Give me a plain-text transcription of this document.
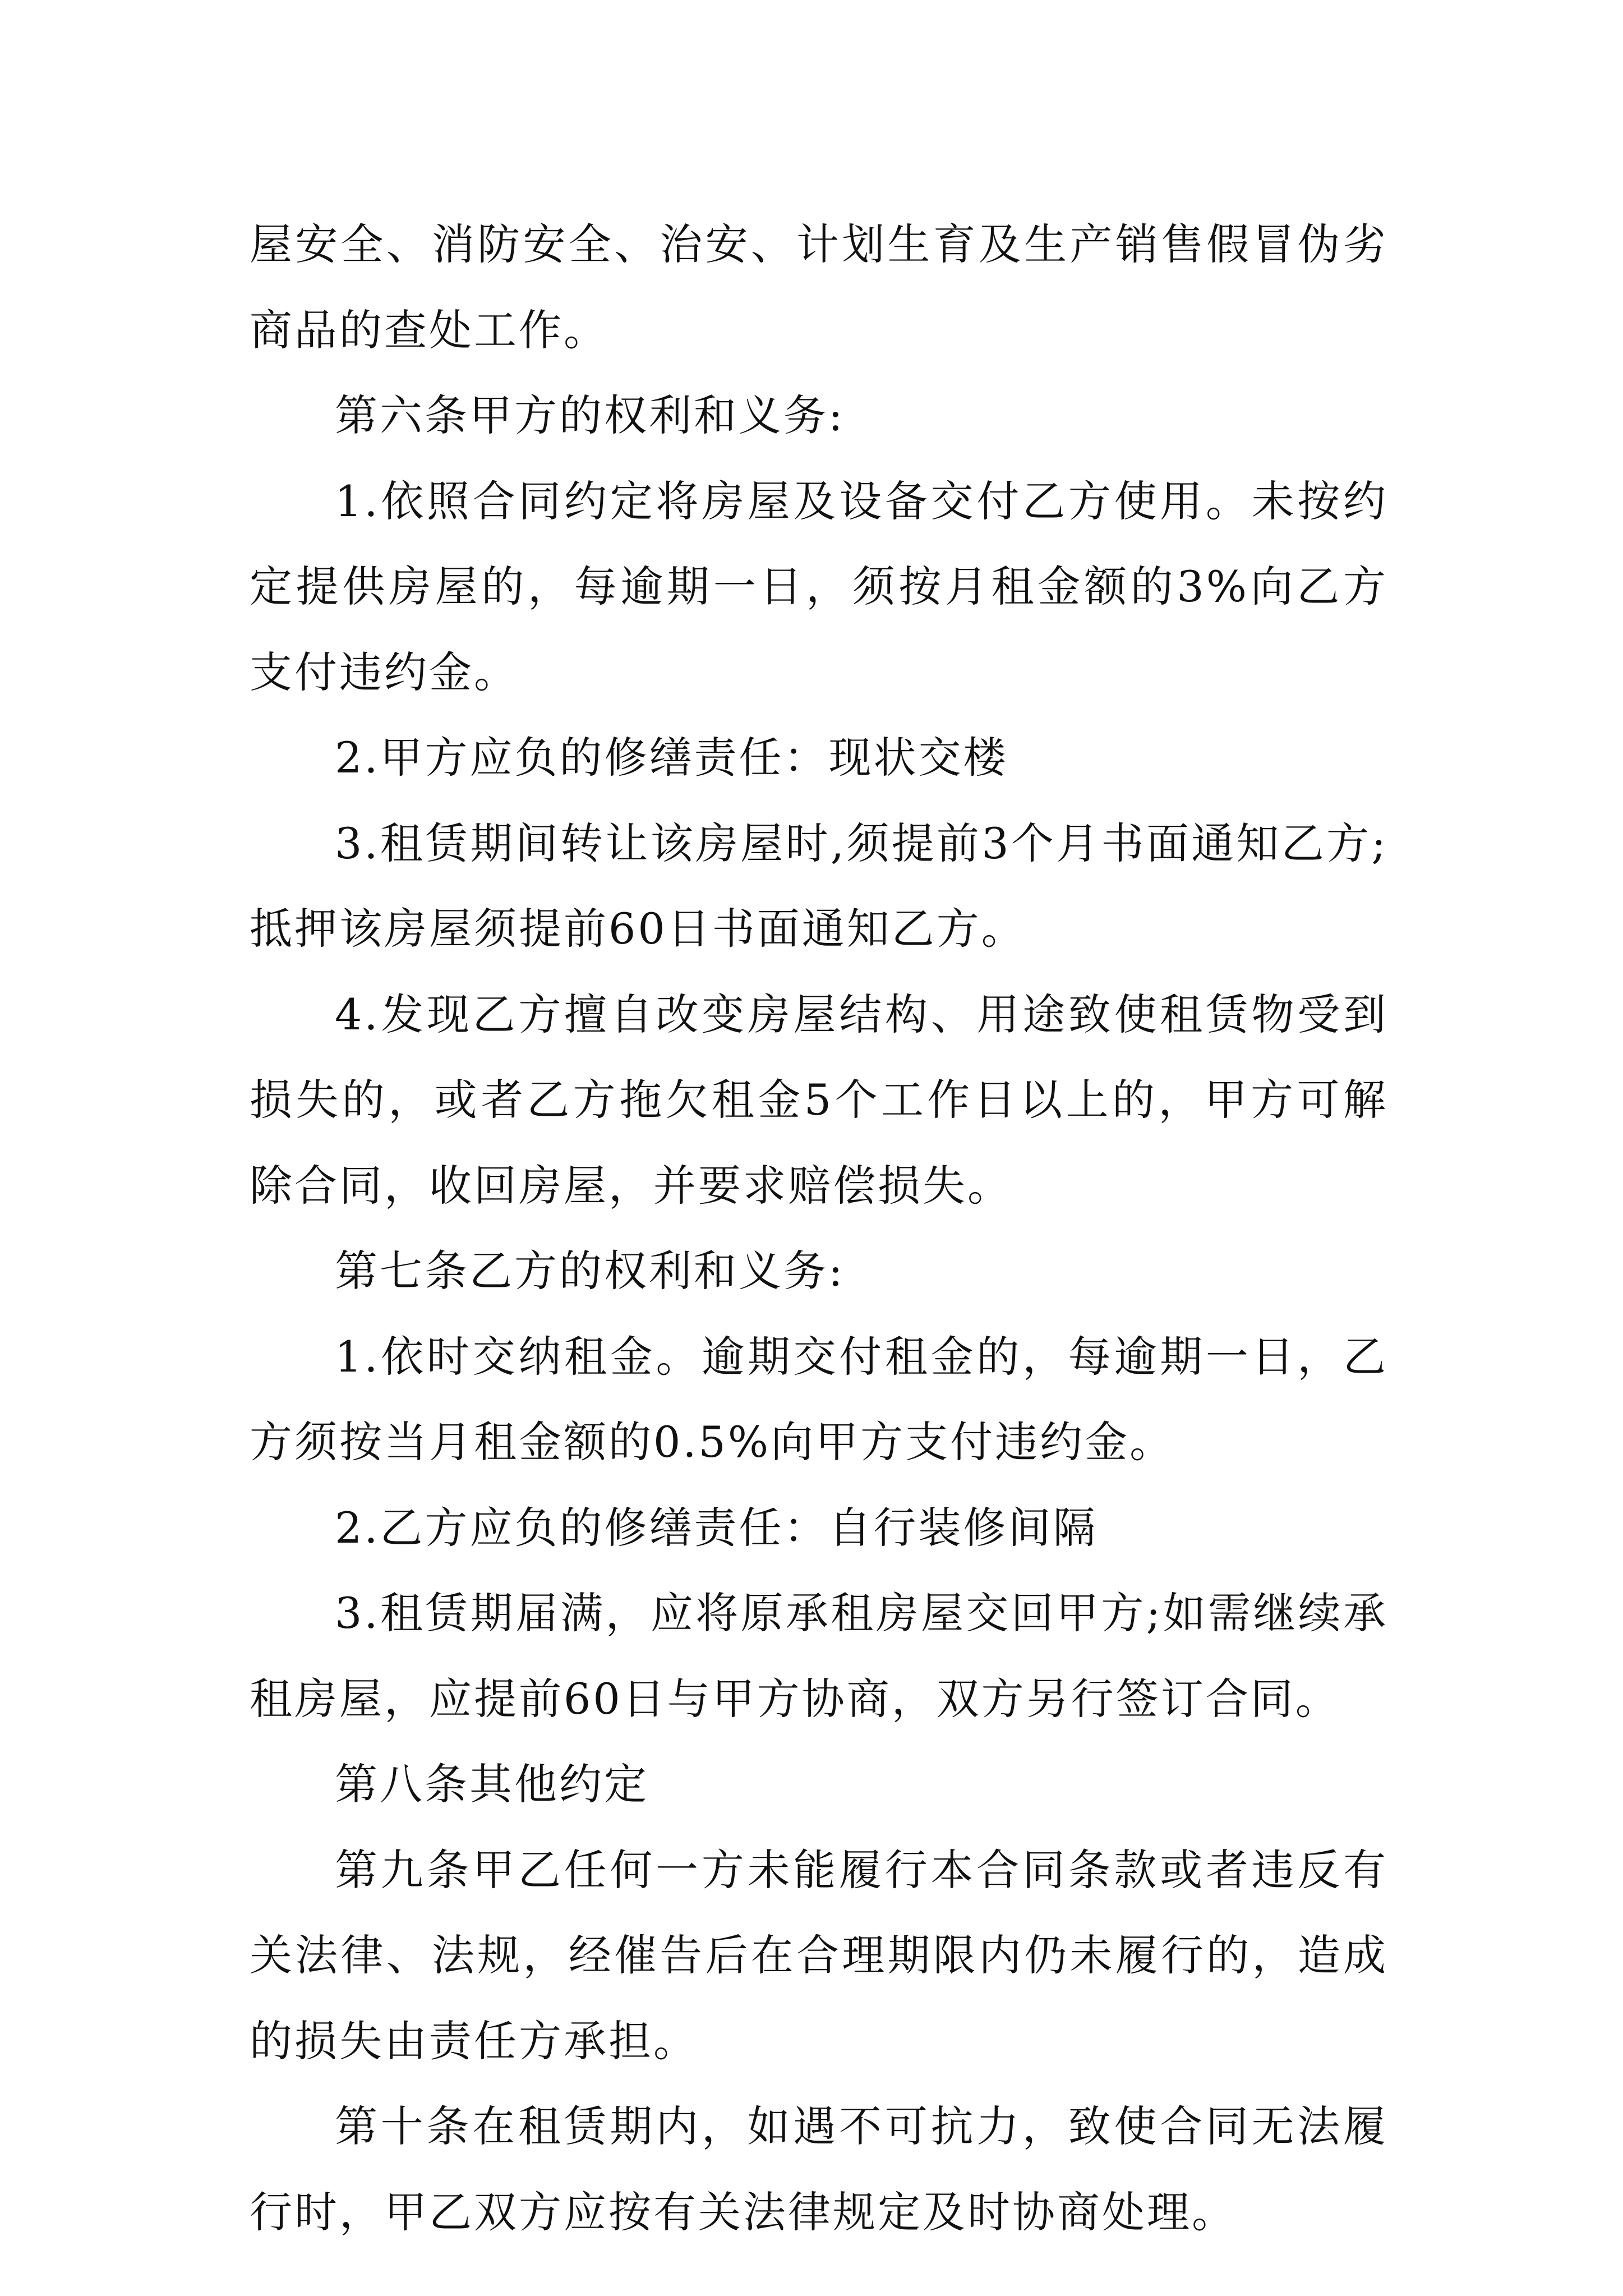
屋安全、消防安全、治安、计划生育及生产销售假冒伪劣商品的查处工作。

第六条甲方的权利和义务:

1.依照合同约定将房屋及设备交付乙方使用。未按约定提供房屋的，每逾期一日，须按月租金额的3%向乙方支付违约金。

2.甲方应负的修缮责任：现状交楼

3.租赁期间转让该房屋时,须提前3个月书面通知乙方;抵押该房屋须提前60日书面通知乙方。

4.发现乙方擅自改变房屋结构、用途致使租赁物受到损失的，或者乙方拖欠租金5个工作日以上的，甲方可解除合同，收回房屋，并要求赔偿损失。

第七条乙方的权利和义务:

1.依时交纳租金。逾期交付租金的，每逾期一日，乙方须按当月租金额的0.5%向甲方支付违约金。

2.乙方应负的修缮责任：自行装修间隔

3.租赁期届满，应将原承租房屋交回甲方;如需继续承租房屋，应提前60日与甲方协商，双方另行签订合同。

第八条其他约定

第九条甲乙任何一方未能履行本合同条款或者违反有关法律、法规，经催告后在合理期限内仍未履行的，造成的损失由责任方承担。

第十条在租赁期内，如遇不可抗力，致使合同无法履行时，甲乙双方应按有关法律规定及时协商处理。
